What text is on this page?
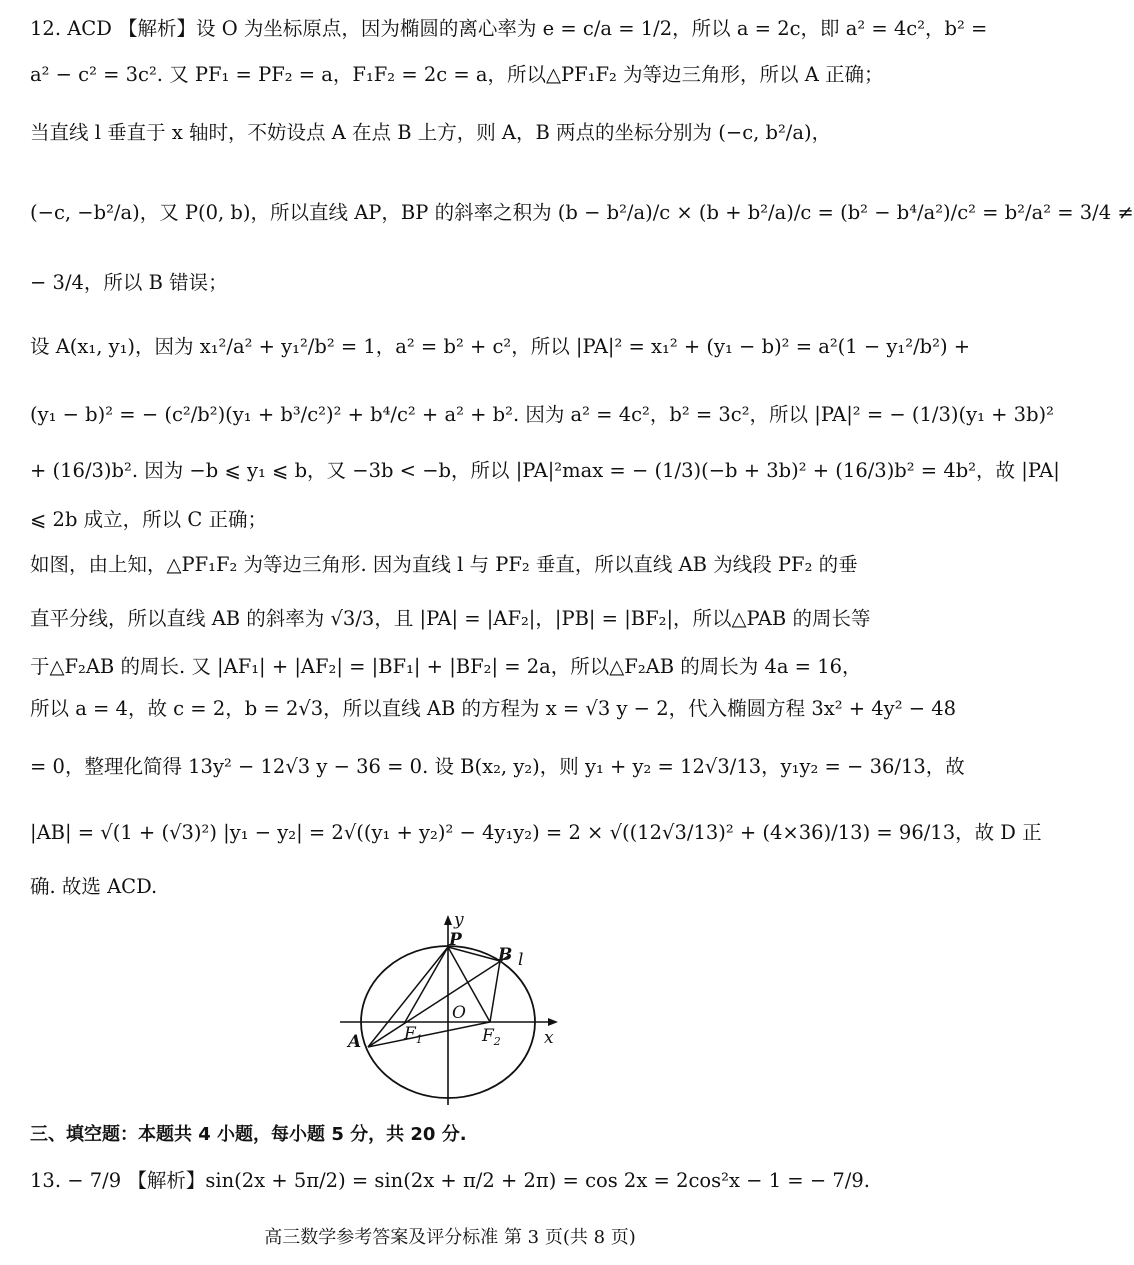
12. ACD 【解析】设 O 为坐标原点，因为椭圆的离心率为 e = c/a = 1/2，所以 a = 2c，即 a² = 4c²，b² =
a² − c² = 3c². 又 PF₁ = PF₂ = a，F₁F₂ = 2c = a，所以△PF₁F₂ 为等边三角形，所以 A 正确；
当直线 l 垂直于 x 轴时，不妨设点 A 在点 B 上方，则 A，B 两点的坐标分别为 (−c, b²/a)，
(−c, −b²/a)，又 P(0, b)，所以直线 AP，BP 的斜率之积为 (b − b²/a)/c × (b + b²/a)/c = (b² − b⁴/a²)/c² = b²/a² = 3/4 ≠
− 3/4，所以 B 错误；
设 A(x₁, y₁)，因为 x₁²/a² + y₁²/b² = 1，a² = b² + c²，所以 |PA|² = x₁² + (y₁ − b)² = a²(1 − y₁²/b²) +
(y₁ − b)² = − (c²/b²)(y₁ + b³/c²)² + b⁴/c² + a² + b². 因为 a² = 4c²，b² = 3c²，所以 |PA|² = − (1/3)(y₁ + 3b)²
+ (16/3)b². 因为 −b ⩽ y₁ ⩽ b，又 −3b < −b，所以 |PA|²max = − (1/3)(−b + 3b)² + (16/3)b² = 4b²，故 |PA|
⩽ 2b 成立，所以 C 正确；
如图，由上知，△PF₁F₂ 为等边三角形. 因为直线 l 与 PF₂ 垂直，所以直线 AB 为线段 PF₂ 的垂
直平分线，所以直线 AB 的斜率为 √3/3，且 |PA| = |AF₂|，|PB| = |BF₂|，所以△PAB 的周长等
于△F₂AB 的周长. 又 |AF₁| + |AF₂| = |BF₁| + |BF₂| = 2a，所以△F₂AB 的周长为 4a = 16，
所以 a = 4，故 c = 2，b = 2√3，所以直线 AB 的方程为 x = √3 y − 2，代入椭圆方程 3x² + 4y² − 48
= 0，整理化简得 13y² − 12√3 y − 36 = 0. 设 B(x₂, y₂)，则 y₁ + y₂ = 12√3/13，y₁y₂ = − 36/13，故
|AB| = √(1 + (√3)²) |y₁ − y₂| = 2√((y₁ + y₂)² − 4y₁y₂) = 2 × √((12√3/13)² + (4×36)/13) = 96/13，故 D 正
确. 故选 ACD.
y
x
P
B l
O
A	$F_1$	$F_2$
三、填空题：本题共 4 小题，每小题 5 分，共 20 分.
13. − 7/9 【解析】sin(2x + 5π/2) = sin(2x + π/2 + 2π) = cos 2x = 2cos²x − 1 = − 7/9.
高三数学参考答案及评分标准 第 3 页(共 8 页)
